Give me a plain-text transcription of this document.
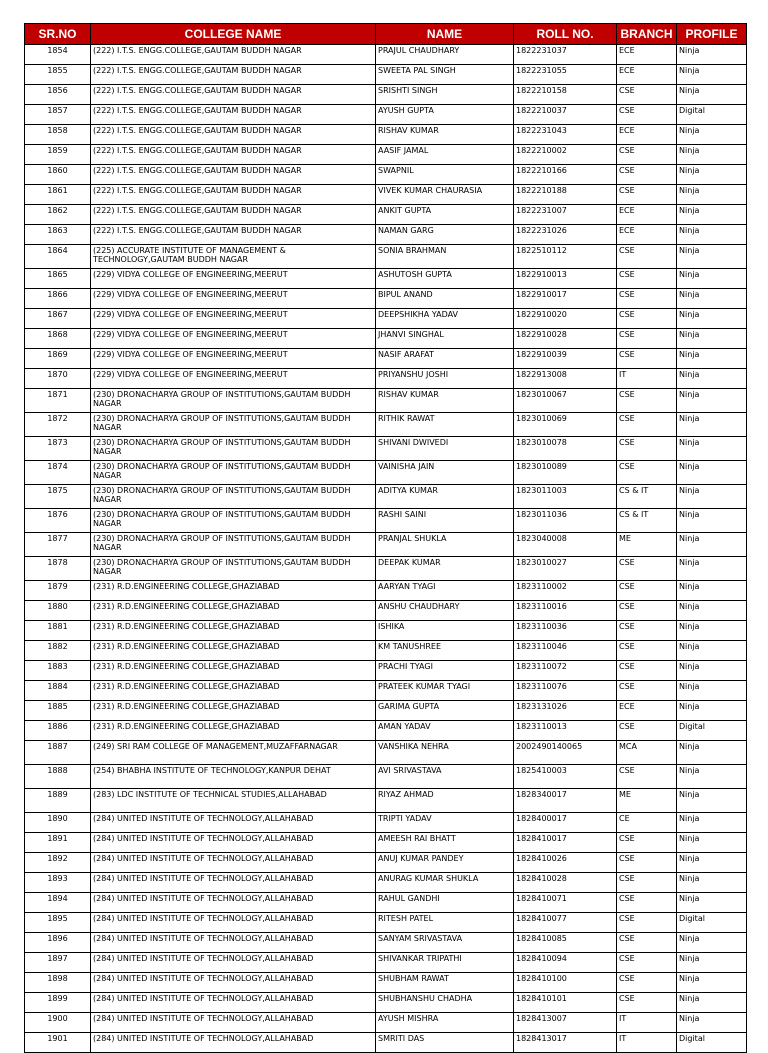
SR.NO	COLLEGE NAME	NAME	ROLL NO.	BRANCH	PROFILE
1854	(222) I.T.S. ENGG.COLLEGE,GAUTAM BUDDH NAGAR	PRAJUL CHAUDHARY	1822231037	ECE	Ninja
1855	(222) I.T.S. ENGG.COLLEGE,GAUTAM BUDDH NAGAR	SWEETA PAL SINGH	1822231055	ECE	Ninja
1856	(222) I.T.S. ENGG.COLLEGE,GAUTAM BUDDH NAGAR	SRISHTI SINGH	1822210158	CSE	Ninja
1857	(222) I.T.S. ENGG.COLLEGE,GAUTAM BUDDH NAGAR	AYUSH GUPTA	1822210037	CSE	Digital
1858	(222) I.T.S. ENGG.COLLEGE,GAUTAM BUDDH NAGAR	RISHAV KUMAR	1822231043	ECE	Ninja
1859	(222) I.T.S. ENGG.COLLEGE,GAUTAM BUDDH NAGAR	AASIF JAMAL	1822210002	CSE	Ninja
1860	(222) I.T.S. ENGG.COLLEGE,GAUTAM BUDDH NAGAR	SWAPNIL	1822210166	CSE	Ninja
1861	(222) I.T.S. ENGG.COLLEGE,GAUTAM BUDDH NAGAR	VIVEK KUMAR CHAURASIA	1822210188	CSE	Ninja
1862	(222) I.T.S. ENGG.COLLEGE,GAUTAM BUDDH NAGAR	ANKIT GUPTA	1822231007	ECE	Ninja
1863	(222) I.T.S. ENGG.COLLEGE,GAUTAM BUDDH NAGAR	NAMAN GARG	1822231026	ECE	Ninja
1864	(225) ACCURATE INSTITUTE OF MANAGEMENT & TECHNOLOGY,GAUTAM BUDDH NAGAR	SONIA BRAHMAN	1822510112	CSE	Ninja
1865	(229) VIDYA COLLEGE OF ENGINEERING,MEERUT	ASHUTOSH GUPTA	1822910013	CSE	Ninja
1866	(229) VIDYA COLLEGE OF ENGINEERING,MEERUT	BIPUL ANAND	1822910017	CSE	Ninja
1867	(229) VIDYA COLLEGE OF ENGINEERING,MEERUT	DEEPSHIKHA YADAV	1822910020	CSE	Ninja
1868	(229) VIDYA COLLEGE OF ENGINEERING,MEERUT	JHANVI SINGHAL	1822910028	CSE	Ninja
1869	(229) VIDYA COLLEGE OF ENGINEERING,MEERUT	NASIF ARAFAT	1822910039	CSE	Ninja
1870	(229) VIDYA COLLEGE OF ENGINEERING,MEERUT	PRIYANSHU JOSHI	1822913008	IT	Ninja
1871	(230) DRONACHARYA GROUP OF INSTITUTIONS,GAUTAM BUDDH NAGAR	RISHAV KUMAR	1823010067	CSE	Ninja
1872	(230) DRONACHARYA GROUP OF INSTITUTIONS,GAUTAM BUDDH NAGAR	RITHIK RAWAT	1823010069	CSE	Ninja
1873	(230) DRONACHARYA GROUP OF INSTITUTIONS,GAUTAM BUDDH NAGAR	SHIVANI DWIVEDI	1823010078	CSE	Ninja
1874	(230) DRONACHARYA GROUP OF INSTITUTIONS,GAUTAM BUDDH NAGAR	VAINISHA JAIN	1823010089	CSE	Ninja
1875	(230) DRONACHARYA GROUP OF INSTITUTIONS,GAUTAM BUDDH NAGAR	ADITYA KUMAR	1823011003	CS & IT	Ninja
1876	(230) DRONACHARYA GROUP OF INSTITUTIONS,GAUTAM BUDDH NAGAR	RASHI SAINI	1823011036	CS & IT	Ninja
1877	(230) DRONACHARYA GROUP OF INSTITUTIONS,GAUTAM BUDDH NAGAR	PRANJAL SHUKLA	1823040008	ME	Ninja
1878	(230) DRONACHARYA GROUP OF INSTITUTIONS,GAUTAM BUDDH NAGAR	DEEPAK KUMAR	1823010027	CSE	Ninja
1879	(231) R.D.ENGINEERING COLLEGE,GHAZIABAD	AARYAN TYAGI	1823110002	CSE	Ninja
1880	(231) R.D.ENGINEERING COLLEGE,GHAZIABAD	ANSHU CHAUDHARY	1823110016	CSE	Ninja
1881	(231) R.D.ENGINEERING COLLEGE,GHAZIABAD	ISHIKA	1823110036	CSE	Ninja
1882	(231) R.D.ENGINEERING COLLEGE,GHAZIABAD	KM TANUSHREE	1823110046	CSE	Ninja
1883	(231) R.D.ENGINEERING COLLEGE,GHAZIABAD	PRACHI TYAGI	1823110072	CSE	Ninja
1884	(231) R.D.ENGINEERING COLLEGE,GHAZIABAD	PRATEEK KUMAR TYAGI	1823110076	CSE	Ninja
1885	(231) R.D.ENGINEERING COLLEGE,GHAZIABAD	GARIMA GUPTA	1823131026	ECE	Ninja
1886	(231) R.D.ENGINEERING COLLEGE,GHAZIABAD	AMAN YADAV	1823110013	CSE	Digital
1887	(249) SRI RAM COLLEGE OF MANAGEMENT,MUZAFFARNAGAR	VANSHIKA NEHRA	2002490140065	MCA	Ninja
1888	(254) BHABHA INSTITUTE OF TECHNOLOGY,KANPUR DEHAT	AVI SRIVASTAVA	1825410003	CSE	Ninja
1889	(283) LDC INSTITUTE OF TECHNICAL STUDIES,ALLAHABAD	RIYAZ AHMAD	1828340017	ME	Ninja
1890	(284) UNITED INSTITUTE OF TECHNOLOGY,ALLAHABAD	TRIPTI YADAV	1828400017	CE	Ninja
1891	(284) UNITED INSTITUTE OF TECHNOLOGY,ALLAHABAD	AMEESH RAI BHATT	1828410017	CSE	Ninja
1892	(284) UNITED INSTITUTE OF TECHNOLOGY,ALLAHABAD	ANUJ KUMAR PANDEY	1828410026	CSE	Ninja
1893	(284) UNITED INSTITUTE OF TECHNOLOGY,ALLAHABAD	ANURAG KUMAR SHUKLA	1828410028	CSE	Ninja
1894	(284) UNITED INSTITUTE OF TECHNOLOGY,ALLAHABAD	RAHUL GANDHI	1828410071	CSE	Ninja
1895	(284) UNITED INSTITUTE OF TECHNOLOGY,ALLAHABAD	RITESH PATEL	1828410077	CSE	Digital
1896	(284) UNITED INSTITUTE OF TECHNOLOGY,ALLAHABAD	SANYAM SRIVASTAVA	1828410085	CSE	Ninja
1897	(284) UNITED INSTITUTE OF TECHNOLOGY,ALLAHABAD	SHIVANKAR TRIPATHI	1828410094	CSE	Ninja
1898	(284) UNITED INSTITUTE OF TECHNOLOGY,ALLAHABAD	SHUBHAM RAWAT	1828410100	CSE	Ninja
1899	(284) UNITED INSTITUTE OF TECHNOLOGY,ALLAHABAD	SHUBHANSHU CHADHA	1828410101	CSE	Ninja
1900	(284) UNITED INSTITUTE OF TECHNOLOGY,ALLAHABAD	AYUSH MISHRA	1828413007	IT	Ninja
1901	(284) UNITED INSTITUTE OF TECHNOLOGY,ALLAHABAD	SMRITI DAS	1828413017	IT	Digital
